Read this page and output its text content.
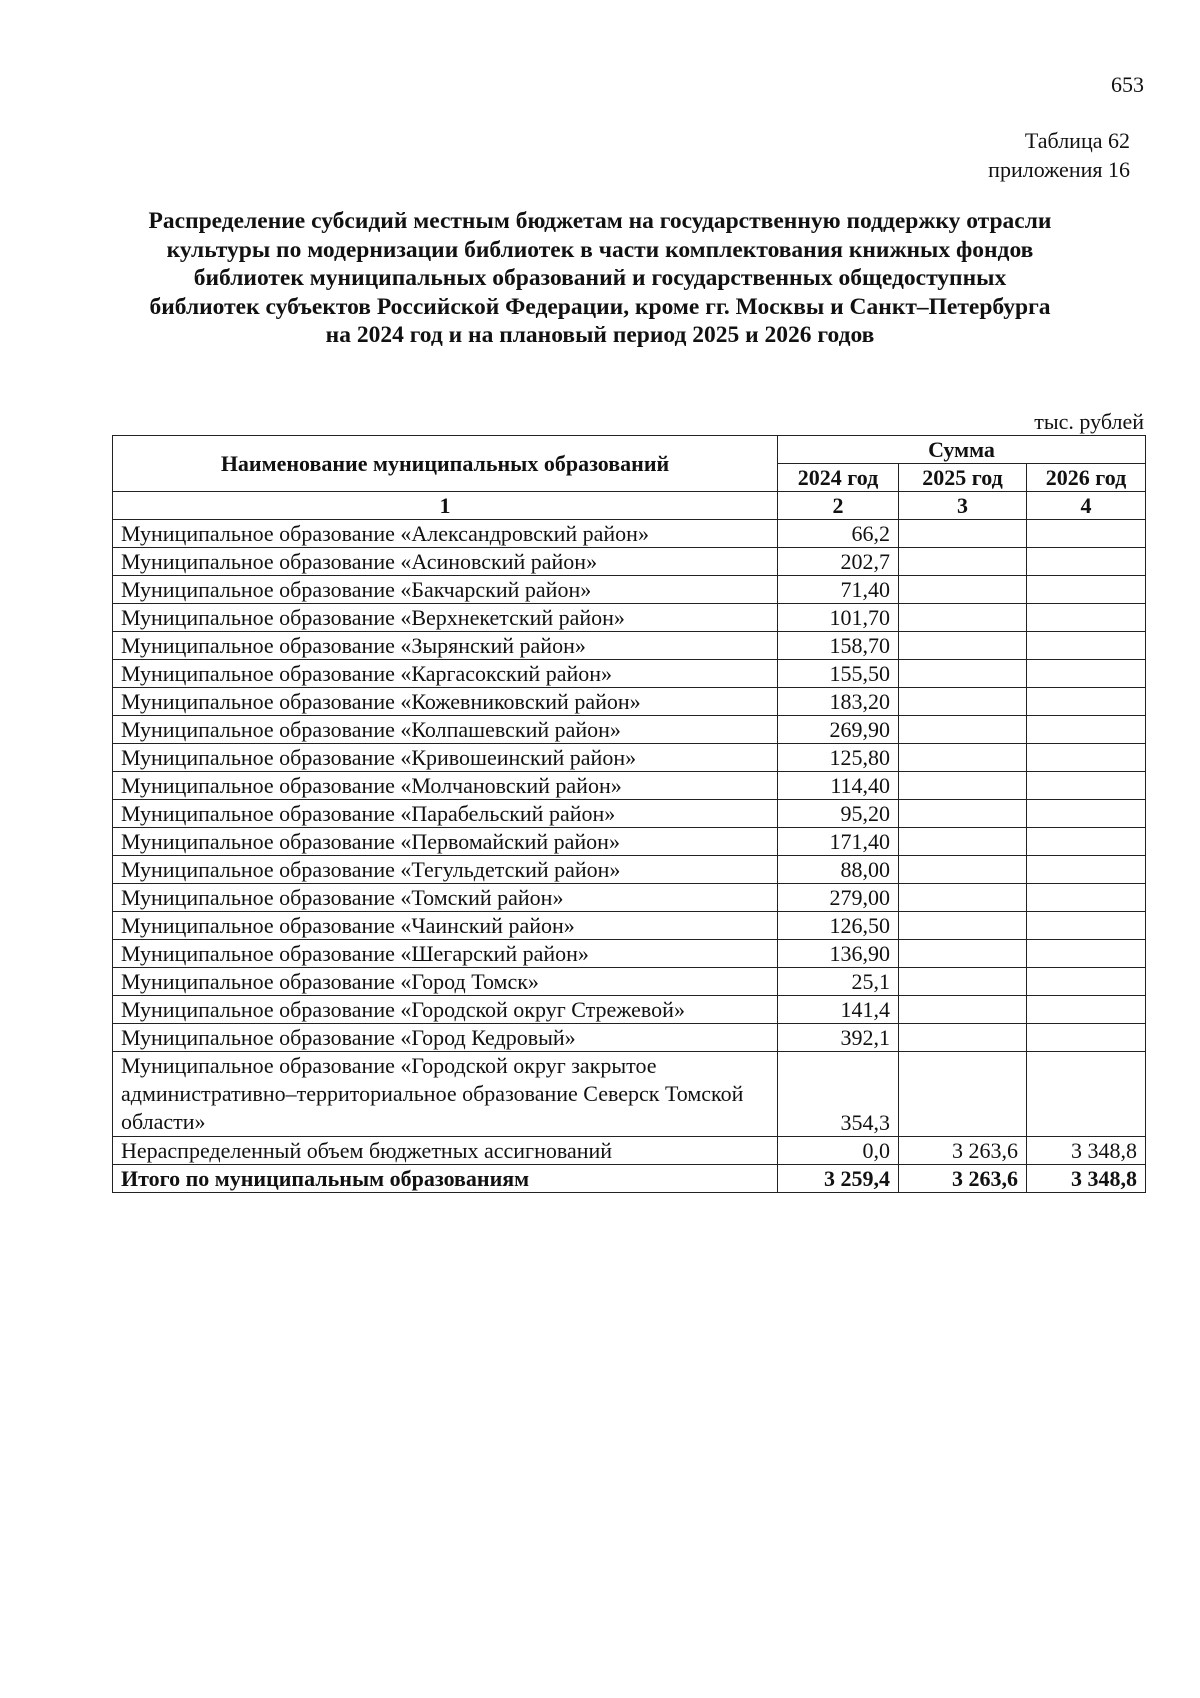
653
Таблица 62
приложения 16
Распределение субсидий местным бюджетам на государственную поддержку отрасли
культуры по модернизации библиотек в части комплектования книжных фондов
библиотек муниципальных образований и государственных общедоступных
библиотек субъектов Российской Федерации, кроме гг. Москвы и Санкт–Петербурга
на 2024 год и на плановый период 2025 и 2026 годов
тыс. рублей
Наименование муниципальных образований	Сумма		
	2024 год	2025 год	2026 год
1	2	3	4
Муниципальное образование «Александровский район»	66,2		
Муниципальное образование «Асиновский район»	202,7		
Муниципальное образование «Бакчарский район»	71,40		
Муниципальное образование «Верхнекетский район»	101,70		
Муниципальное образование «Зырянский район»	158,70		
Муниципальное образование «Каргасокский район»	155,50		
Муниципальное образование «Кожевниковский район»	183,20		
Муниципальное образование «Колпашевский район»	269,90		
Муниципальное образование «Кривошеинский район»	125,80		
Муниципальное образование «Молчановский район»	114,40		
Муниципальное образование «Парабельский район»	95,20		
Муниципальное образование «Первомайский район»	171,40		
Муниципальное образование «Тегульдетский район»	88,00		
Муниципальное образование «Томский район»	279,00		
Муниципальное образование «Чаинский район»	126,50		
Муниципальное образование «Шегарский район»	136,90		
Муниципальное образование «Город Томск»	25,1		
Муниципальное образование «Городской округ Стрежевой»	141,4		
Муниципальное образование «Город Кедровый»	392,1		
Муниципальное образование «Городской округ закрытое административно–территориальное образование Северск Томской области»	354,3		
Нераспределенный объем бюджетных ассигнований	0,0	3 263,6	3 348,8
Итого по муниципальным образованиям	3 259,4	3 263,6	3 348,8
